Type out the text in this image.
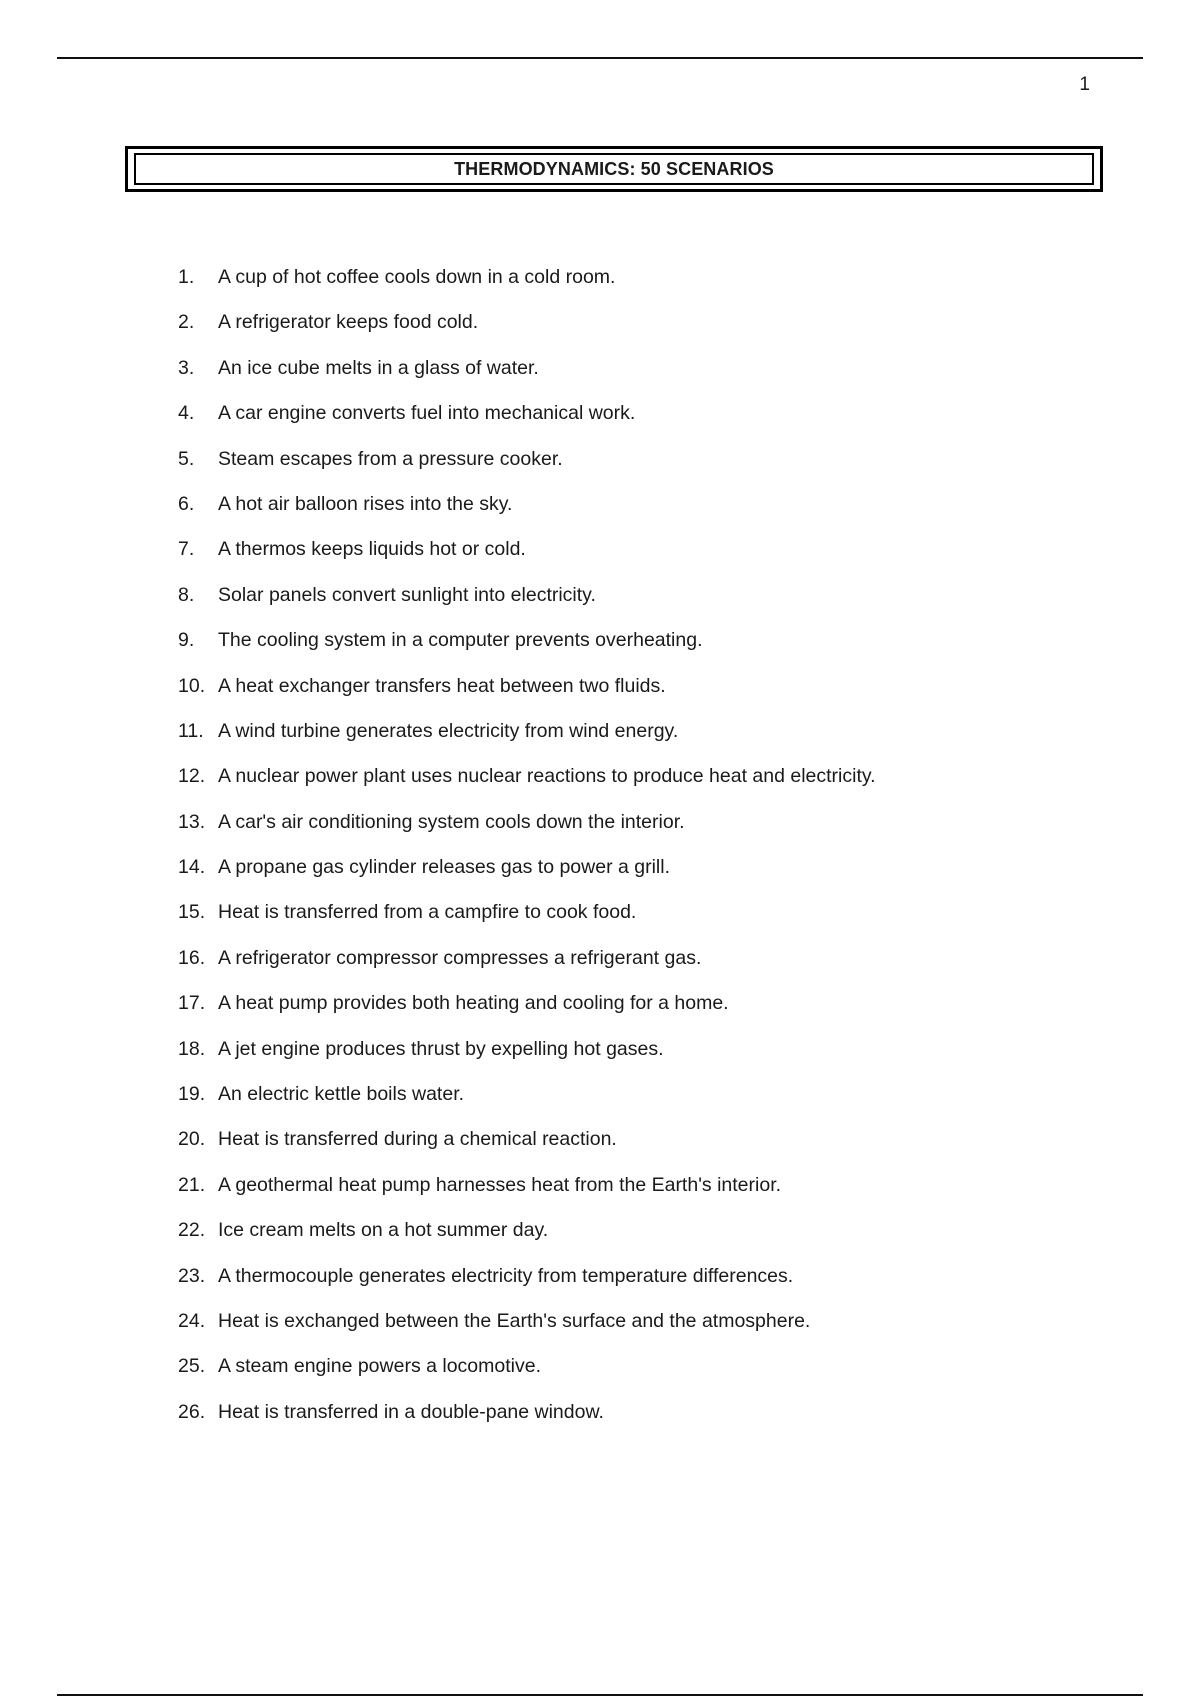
1
THERMODYNAMICS: 50 SCENARIOS
1.	A cup of hot coffee cools down in a cold room.
2.	A refrigerator keeps food cold.
3.	An ice cube melts in a glass of water.
4.	A car engine converts fuel into mechanical work.
5.	Steam escapes from a pressure cooker.
6.	A hot air balloon rises into the sky.
7.	A thermos keeps liquids hot or cold.
8.	Solar panels convert sunlight into electricity.
9.	The cooling system in a computer prevents overheating.
10. A heat exchanger transfers heat between two fluids.
11. A wind turbine generates electricity from wind energy.
12. A nuclear power plant uses nuclear reactions to produce heat and electricity.
13. A car's air conditioning system cools down the interior.
14. A propane gas cylinder releases gas to power a grill.
15. Heat is transferred from a campfire to cook food.
16. A refrigerator compressor compresses a refrigerant gas.
17. A heat pump provides both heating and cooling for a home.
18. A jet engine produces thrust by expelling hot gases.
19. An electric kettle boils water.
20. Heat is transferred during a chemical reaction.
21. A geothermal heat pump harnesses heat from the Earth's interior.
22. Ice cream melts on a hot summer day.
23. A thermocouple generates electricity from temperature differences.
24. Heat is exchanged between the Earth's surface and the atmosphere.
25. A steam engine powers a locomotive.
26. Heat is transferred in a double-pane window.
